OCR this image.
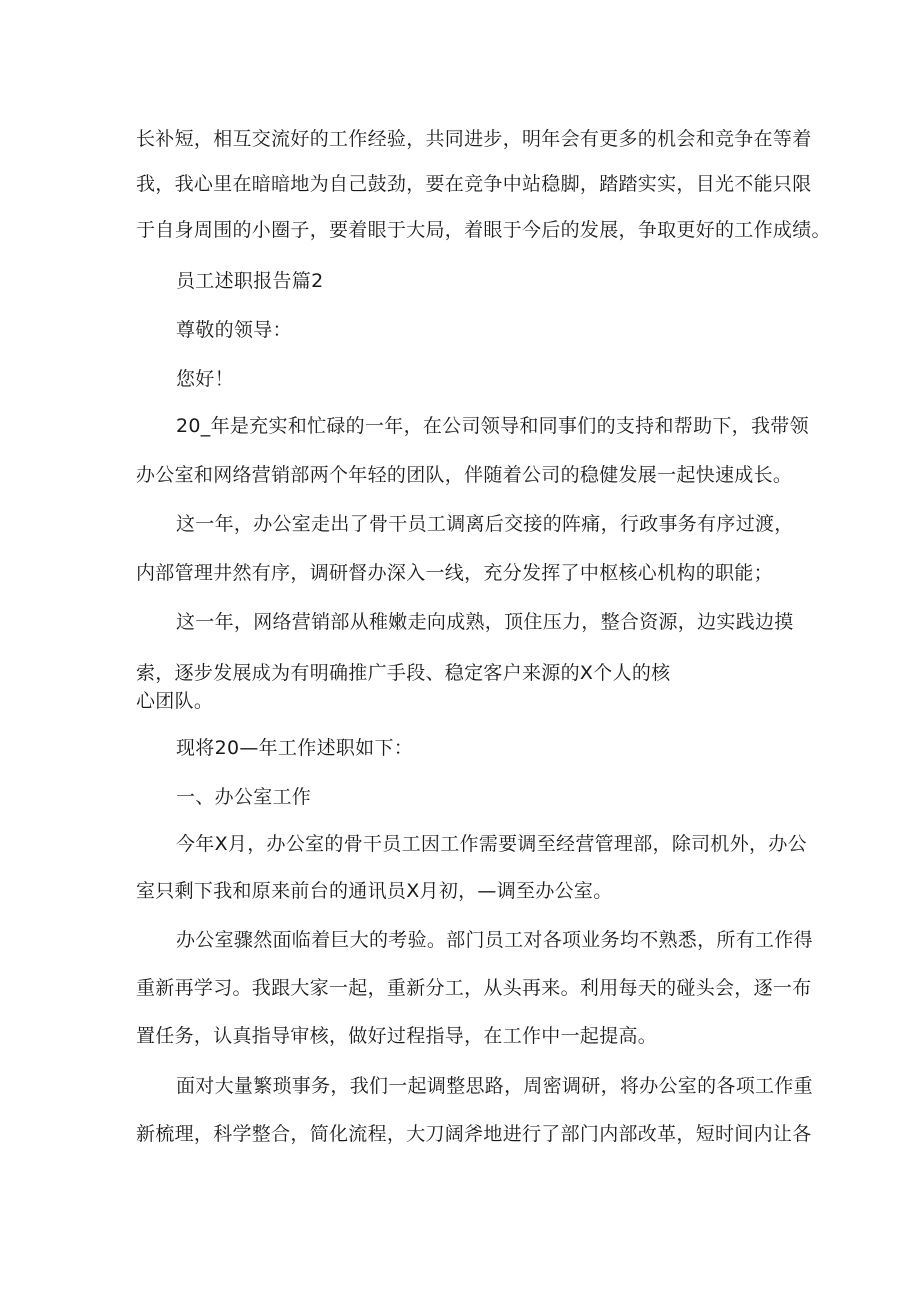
长补短，相互交流好的工作经验，共同进步，明年会有更多的机会和竞争在等着
我，我心里在暗暗地为自己鼓劲，要在竞争中站稳脚，踏踏实实，目光不能只限
于自身周围的小圈子，要着眼于大局，着眼于今后的发展，争取更好的工作成绩。
员工述职报告篇2
尊敬的领导：
您好！
20_年是充实和忙碌的一年，在公司领导和同事们的支持和帮助下，我带领
办公室和网络营销部两个年轻的团队，伴随着公司的稳健发展一起快速成长。
这一年，办公室走出了骨干员工调离后交接的阵痛，行政事务有序过渡，
内部管理井然有序，调研督办深入一线，充分发挥了中枢核心机构的职能；
这一年，网络营销部从稚嫩走向成熟，顶住压力，整合资源，边实践边摸
索，逐步发展成为有明确推广手段、稳定客户来源的X个人的核
心团队。
现将20—年工作述职如下：
一、办公室工作
今年X月，办公室的骨干员工因工作需要调至经营管理部，除司机外，办公
室只剩下我和原来前台的通讯员X月初，—调至办公室。
办公室骤然面临着巨大的考验。部门员工对各项业务均不熟悉，所有工作得
重新再学习。我跟大家一起，重新分工，从头再来。利用每天的碰头会，逐一布
置任务，认真指导审核，做好过程指导，在工作中一起提高。
面对大量繁琐事务，我们一起调整思路，周密调研，将办公室的各项工作重
新梳理，科学整合，简化流程，大刀阔斧地进行了部门内部改革，短时间内让各
